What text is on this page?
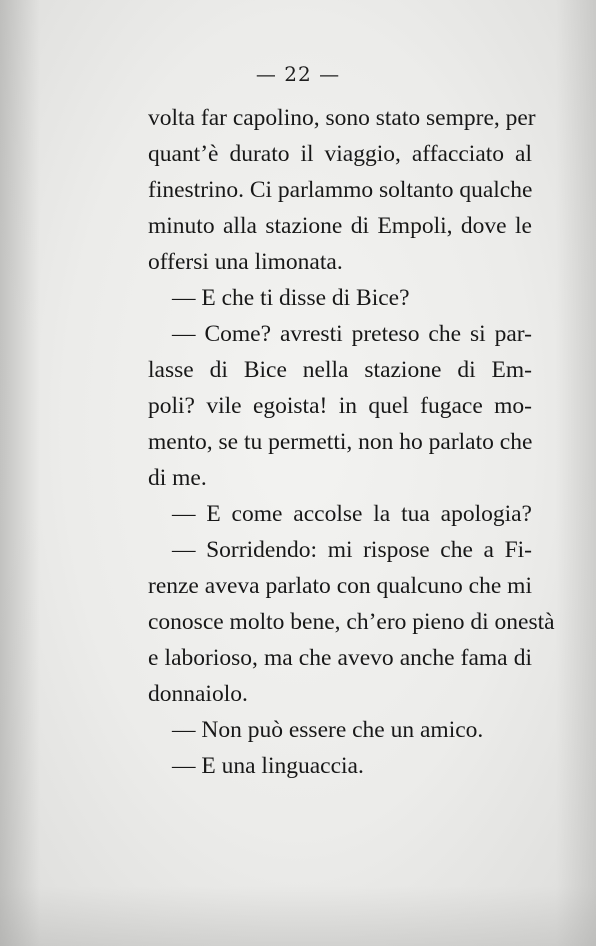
— 22 —
volta far capolino, sono stato sempre, per
quant’è durato il viaggio, affacciato al
finestrino. Ci parlammo soltanto qualche
minuto alla stazione di Empoli, dove le
offersi una limonata.
— E che ti disse di Bice?
— Come? avresti preteso che si par-
lasse di Bice nella stazione di Em-
poli? vile egoista! in quel fugace mo-
mento, se tu permetti, non ho parlato che
di me.
— E come accolse la tua apologia?
— Sorridendo: mi rispose che a Fi-
renze aveva parlato con qualcuno che mi
conosce molto bene, ch’ero pieno di onestà
e laborioso, ma che avevo anche fama di
donnaiolo.
— Non può essere che un amico.
— E una linguaccia.
